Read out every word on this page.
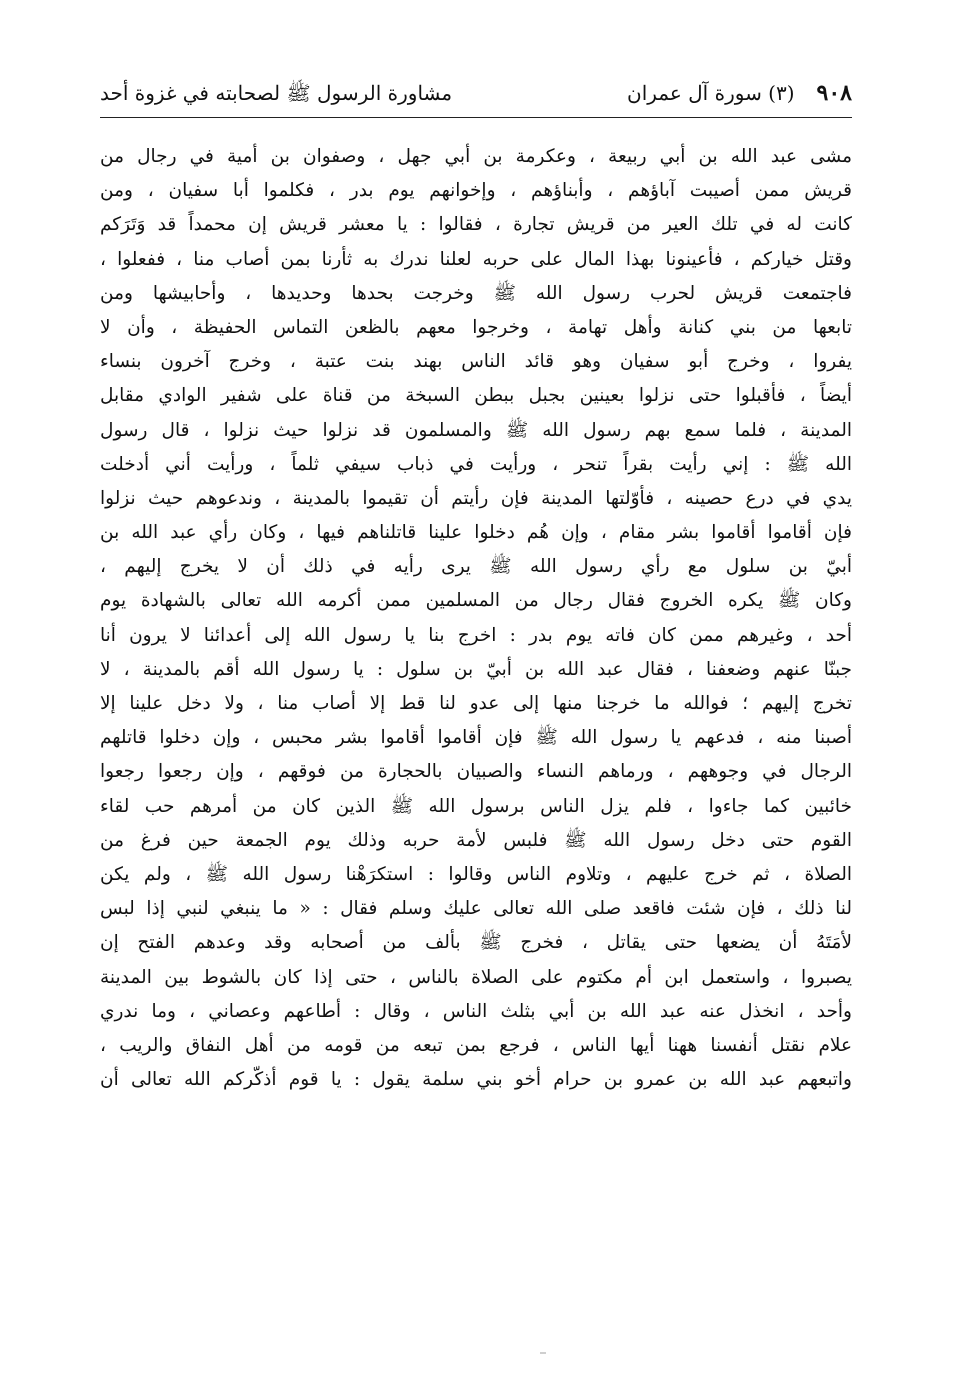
٩٠٨
(٣) سورة آل عمران
مشاورة الرسول ﷺ لصحابته في غزوة أحد
مشى عبد الله بن أبي ربيعة ، وعكرمة بن أبي جهل ، وصفوان بن أمية في رجال من
قريش ممن أصيبت آباؤهم ، وأبناؤهم ، وإخوانهم يوم بدر ، فكلموا أبا سفيان ، ومن
كانت له في تلك العير من قريش تجارة ، فقالوا : يا معشر قريش إن محمداً قد وَتَرَكم
وقتل خياركم ، فأعينونا بهذا المال على حربه لعلنا ندرك به ثأرنا بمن أصاب منا ، ففعلوا ،
فاجتمعت قريش لحرب رسول الله ﷺ وخرجت بحدها وحديدها ، وأحابيشها ومن
تابعها من بني كنانة وأهل تهامة ، وخرجوا معهم بالظعن التماس الحفيظة ، وأن لا
يفروا ، وخرج أبو سفيان وهو قائد الناس بهند بنت عتبة ، وخرج آخرون بنساء
أيضاً ، فأقبلوا حتى نزلوا بعينين بجبل ببطن السبخة من قناة على شفير الوادي مقابل
المدينة ، فلما سمع بهم رسول الله ﷺ والمسلمون قد نزلوا حيث نزلوا ، قال رسول
الله ﷺ : إني رأيت بقراً تنحر ، ورأيت في ذباب سيفي ثلماً ، ورأيت أني أدخلت
يدي في درع حصينه ، فأوّلتها المدينة فإن رأيتم أن تقيموا بالمدينة ، وندعوهم حيث نزلوا
فإن أقاموا أقاموا بشر مقام ، وإن هُم دخلوا علينا قاتلناهم فيها ، وكان رأي عبد الله بن
أبيّ بن سلول مع رأي رسول الله ﷺ يرى رأيه في ذلك أن لا يخرج إليهم ،
وكان ﷺ يكره الخروج فقال رجال من المسلمين ممن أكرمه الله تعالى بالشهادة يوم
أحد ، وغيرهم ممن كان فاته يوم بدر : اخرج بنا يا رسول الله إلى أعدائنا لا يرون أنا
جبنّا عنهم وضعفنا ، فقال عبد الله بن أبيّ بن سلول : يا رسول الله أقم بالمدينة ، لا
تخرج إليهم ؛ فوالله ما خرجنا منها إلى عدو لنا قط إلا أصاب منا ، ولا دخل علينا إلا
أصبنا منه ، فدعهم يا رسول الله ﷺ فإن أقاموا أقاموا بشر محبس ، وإن دخلوا قاتلهم
الرجال في وجوههم ، ورماهم النساء والصبيان بالحجارة من فوقهم ، وإن رجعوا رجعوا
خائبين كما جاءوا ، فلم يزل الناس برسول الله ﷺ الذين كان من أمرهم حب لقاء
القوم حتى دخل رسول الله ﷺ فلبس لأمة حربه وذلك يوم الجمعة حين فرغ من
الصلاة ، ثم خرج عليهم ، وتلاوم الناس وقالوا : استكرَهْنا رسول الله ﷺ ، ولم يكن
لنا ذلك ، فإن شئت فاقعد صلى الله تعالى عليك وسلم فقال : « ما ينبغي لنبي إذا لبس
لأمَتَهُ أن يضعها حتى يقاتل ، فخرج ﷺ بألف من أصحابه وقد وعدهم الفتح إن
يصبروا ، واستعمل ابن أم مكتوم على الصلاة بالناس ، حتى إذا كان بالشوط بين المدينة
وأحد ، انخذل عنه عبد الله بن أبي بثلث الناس ، وقال : أطاعهم وعصاني ، وما ندري
علام نقتل أنفسنا ههنا أيها الناس ، فرجع بمن تبعه من قومه من أهل النفاق والريب ،
واتبعهم عبد الله بن عمرو بن حرام أخو بني سلمة يقول : يا قوم أذكّركم الله تعالى أن
